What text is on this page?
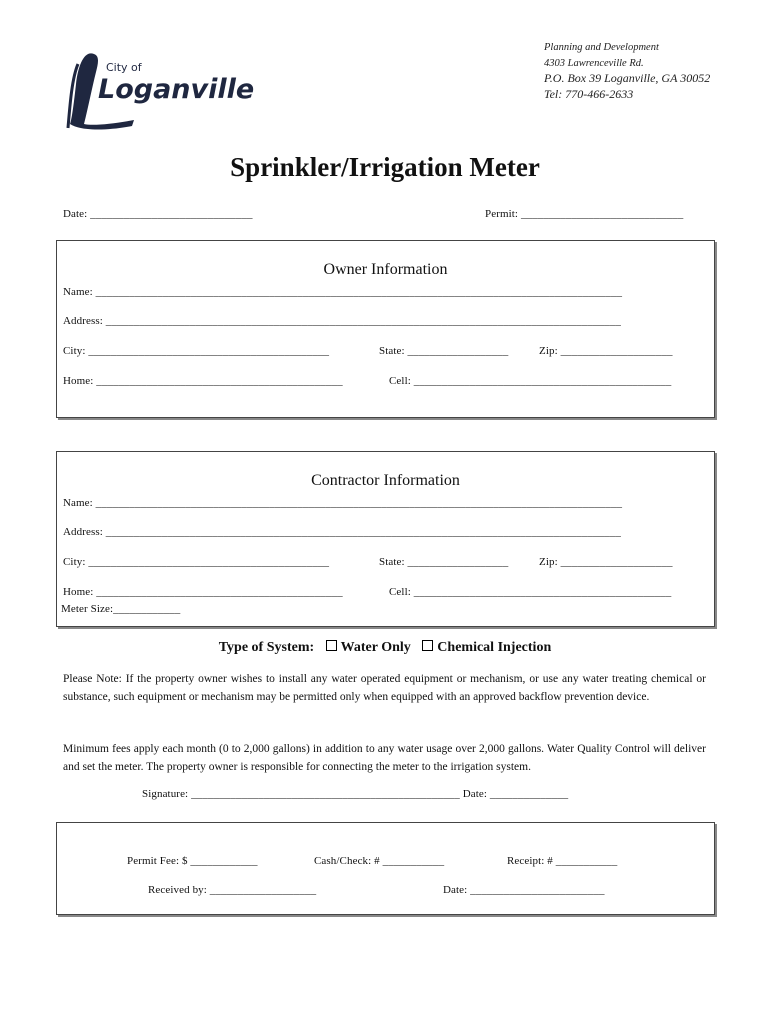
City of
Loganville
Planning and Development
4303 Lawrenceville Rd.
P.O. Box 39 Loganville, GA 30052
Tel: 770-466-2633
Sprinkler/Irrigation Meter
Date: _____________________________	Permit: _____________________________
Owner Information
Name: ______________________________________________________________________________________________
Address: ____________________________________________________________________________________________
City: ___________________________________________	State: __________________	Zip: ____________________
Home: ____________________________________________	Cell: ______________________________________________
Contractor Information
Name: ______________________________________________________________________________________________
Address: ____________________________________________________________________________________________
City: ___________________________________________	State: __________________	Zip: ____________________
Home: ____________________________________________	Cell: ______________________________________________
Meter Size:____________
Type of System: Water Only Chemical Injection
Please Note: If the property owner wishes to install any water operated equipment or mechanism, or use any water treating chemical or substance, such equipment or mechanism may be permitted only when equipped with an approved backflow prevention device.
Minimum fees apply each month (0 to 2,000 gallons) in addition to any water usage over 2,000 gallons. Water Quality Control will deliver and set the meter. The property owner is responsible for connecting the meter to the irrigation system.
Signature: ________________________________________________ Date: ______________
Permit Fee: $ ____________	Cash/Check: # ___________	Receipt: # ___________
Received by: ___________________	Date: ________________________
